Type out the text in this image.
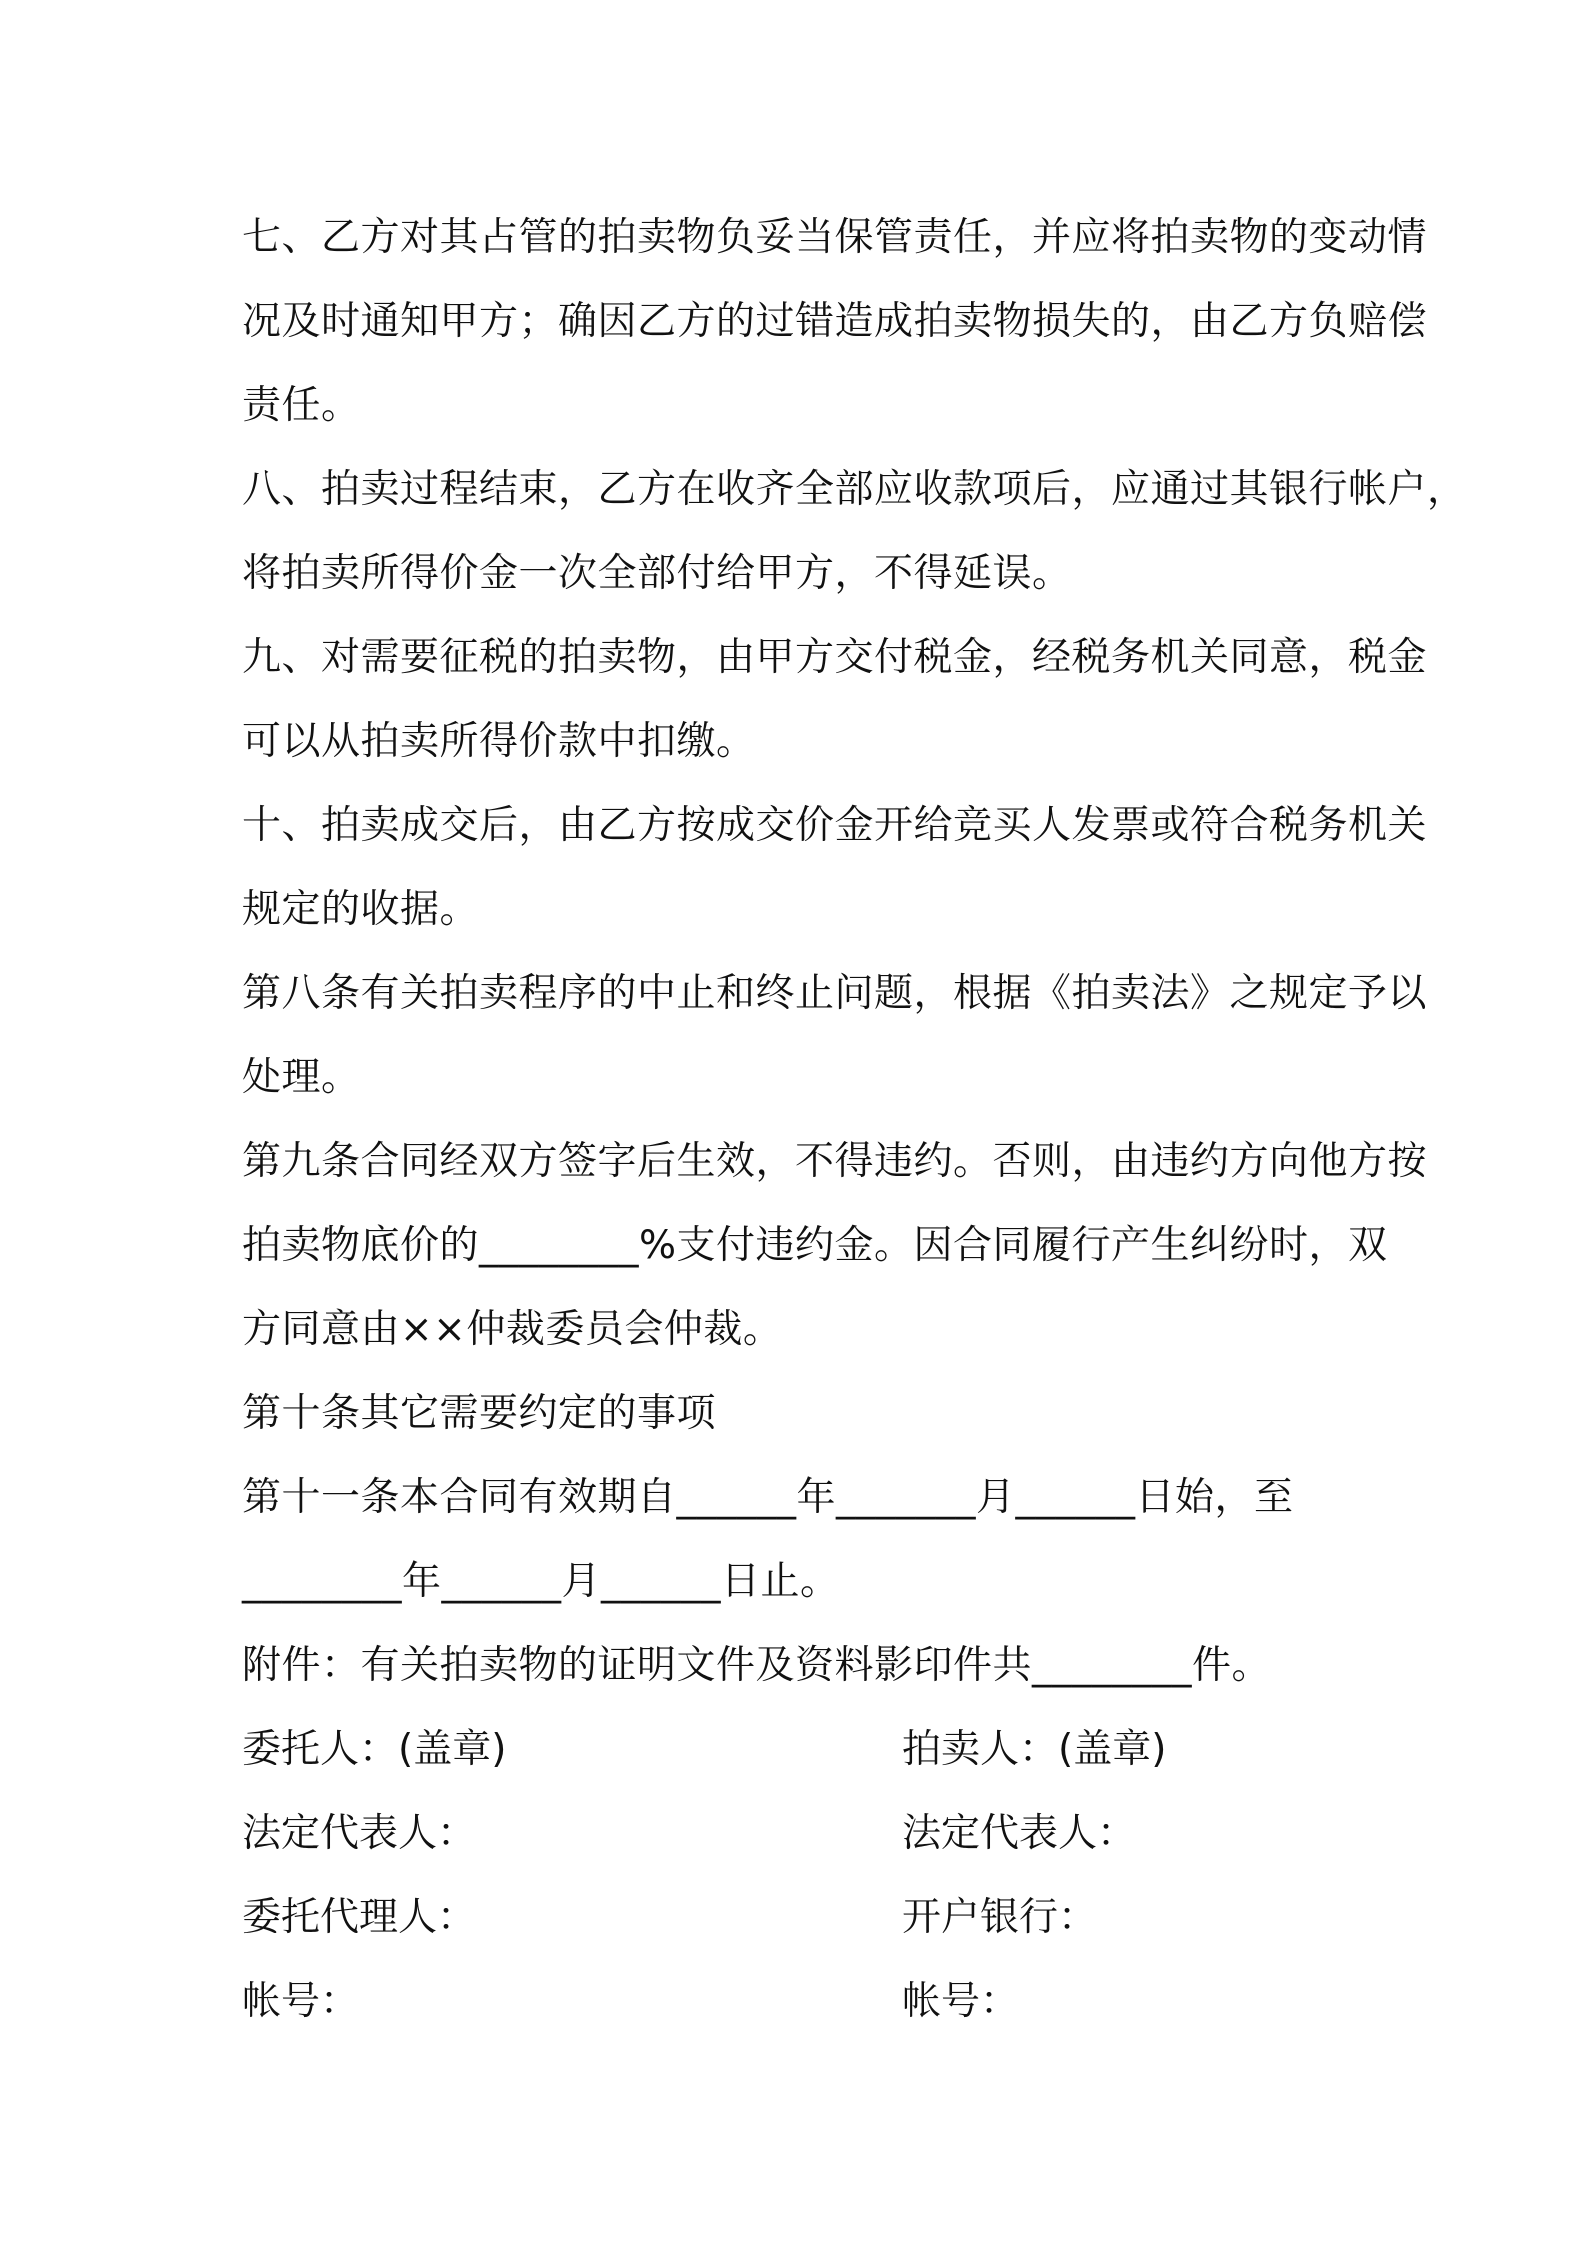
七、乙方对其占管的拍卖物负妥当保管责任，并应将拍卖物的变动情
况及时通知甲方；确因乙方的过错造成拍卖物损失的，由乙方负赔偿
责任。
八、拍卖过程结束，乙方在收齐全部应收款项后，应通过其银行帐户，
将拍卖所得价金一次全部付给甲方，不得延误。
九、对需要征税的拍卖物，由甲方交付税金，经税务机关同意，税金
可以从拍卖所得价款中扣缴。
十、拍卖成交后，由乙方按成交价金开给竞买人发票或符合税务机关
规定的收据。
第八条有关拍卖程序的中止和终止问题，根据《拍卖法》之规定予以
处理。
第九条合同经双方签字后生效，不得违约。否则，由违约方向他方按
拍卖物底价的________%支付违约金。因合同履行产生纠纷时，双
方同意由××仲裁委员会仲裁。
第十条其它需要约定的事项
第十一条本合同有效期自______年_______月______日始，至
________年______月______日止。
附件：有关拍卖物的证明文件及资料影印件共________件。
委托人：(盖章)	拍卖人：(盖章)
法定代表人：	法定代表人：
委托代理人：	开户银行：
帐号：	帐号：
